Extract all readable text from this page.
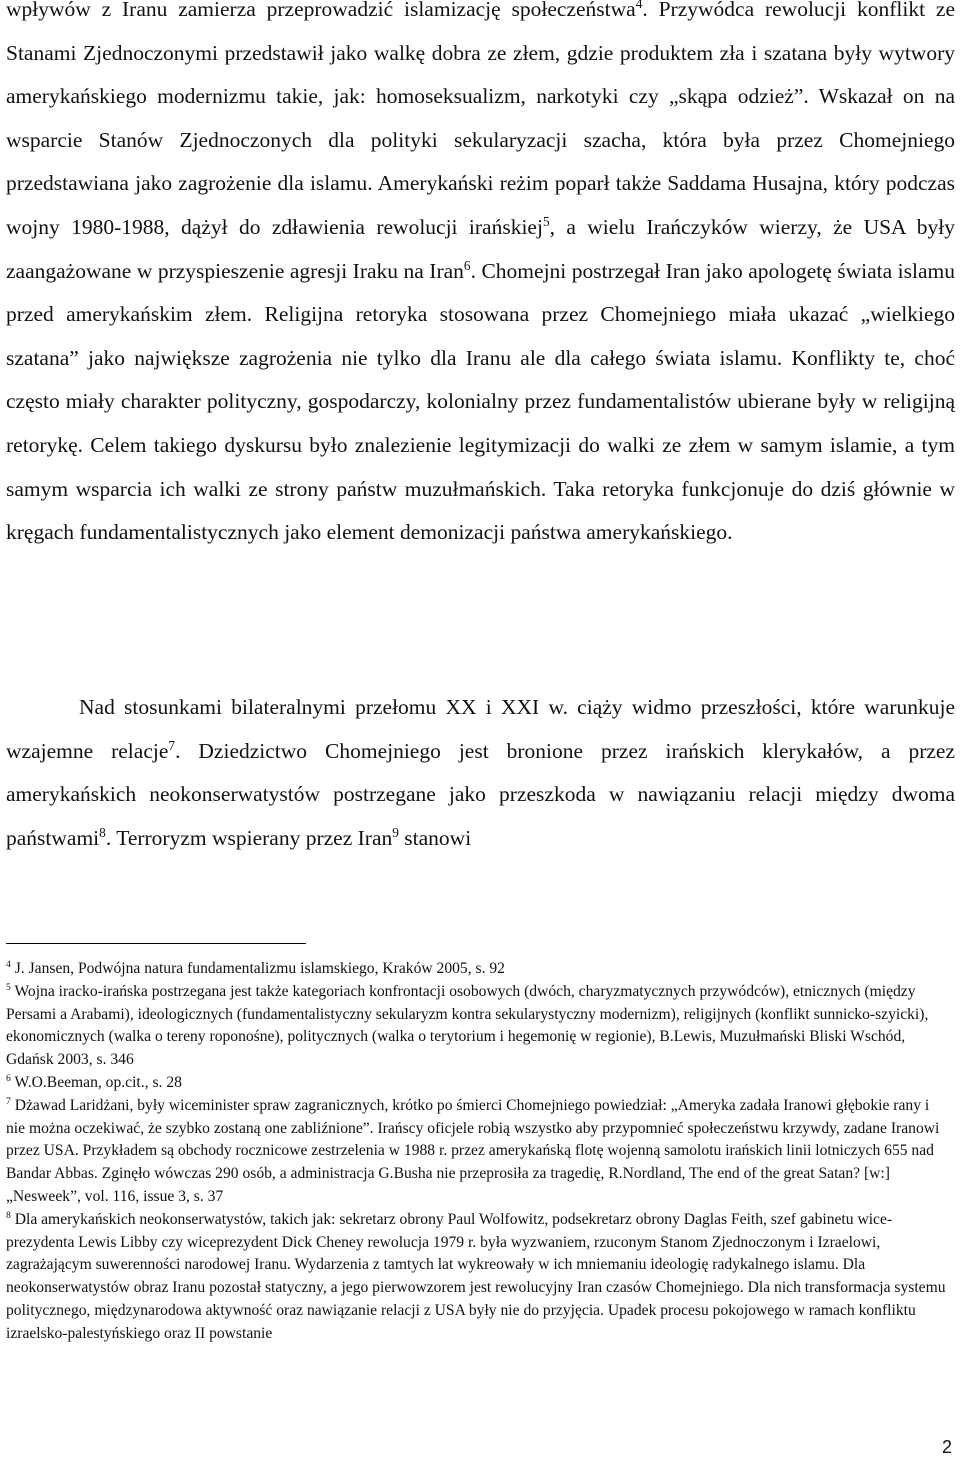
wpływów z Iranu zamierza przeprowadzić islamizację społeczeństwa$^4$. Przywódca rewolucji konflikt ze Stanami Zjednoczonymi przedstawił jako walkę dobra ze złem, gdzie produktem zła i szatana były wytwory amerykańskiego modernizmu takie, jak: homoseksualizm, narkotyki czy „skąpa odzież”. Wskazał on na wsparcie Stanów Zjednoczonych dla polityki sekularyzacji szacha, która była przez Chomejniego przedstawiana jako zagrożenie dla islamu. Amerykański reżim poparł także Saddama Husajna, który podczas wojny 1980-1988, dążył do zdławienia rewolucji irańskiej$^5$, a wielu Irańczyków wierzy, że USA były zaangażowane w przyspieszenie agresji Iraku na Iran$^6$. Chomejni postrzegał Iran jako apologetę świata islamu przed amerykańskim złem. Religijna retoryka stosowana przez Chomejniego miała ukazać „wielkiego szatana” jako największe zagrożenia nie tylko dla Iranu ale dla całego świata islamu. Konflikty te, choć często miały charakter polityczny, gospodarczy, kolonialny przez fundamentalistów ubierane były w religijną retorykę. Celem takiego dyskursu było znalezienie legitymizacji do walki ze złem w samym islamie, a tym samym wsparcia ich walki ze strony państw muzułmańskich. Taka retoryka funkcjonuje do dziś głównie w kręgach fundamentalistycznych jako element demonizacji państwa amerykańskiego.

Nad stosunkami bilateralnymi przełomu XX i XXI w. ciąży widmo przeszłości, które warunkuje wzajemne relacje$^7$. Dziedzictwo Chomejniego jest bronione przez irańskich klerykałów, a przez amerykańskich neokonserwatystów postrzegane jako przeszkoda w nawiązaniu relacji między dwoma państwami$^8$. Terroryzm wspierany przez Iran$^9$ stanowi

$^4$ J. Jansen, Podwójna natura fundamentalizmu islamskiego, Kraków 2005, s. 92

$^5$ Wojna iracko-irańska postrzegana jest także kategoriach konfrontacji osobowych (dwóch, charyzmatycznych przywódców), etnicznych (między Persami a Arabami), ideologicznych (fundamentalistyczny sekularyzm kontra sekularystyczny modernizm), religijnych (konflikt sunnicko-szyicki), ekonomicznych (walka o tereny roponośne), politycznych (walka o terytorium i hegemonię w regionie), B.Lewis, Muzułmański Bliski Wschód, Gdańsk 2003, s. 346

$^6$ W.O.Beeman, op.cit., s. 28

$^7$ Dżawad Laridżani, były wiceminister spraw zagranicznych, krótko po śmierci Chomejniego powiedział: „Ameryka zadała Iranowi głębokie rany i nie można oczekiwać, że szybko zostaną one zabliźnione”. Irańscy oficjele robią wszystko aby przypomnieć społeczeństwu krzywdy, zadane Iranowi przez USA. Przykładem są obchody rocznicowe zestrzelenia w 1988 r. przez amerykańską flotę wojenną samolotu irańskich linii lotniczych 655 nad Bandar Abbas. Zginęło wówczas 290 osób, a administracja G.Busha nie przeprosiła za tragedię, R.Nordland, The end of the great Satan? [w:] „Nesweek”, vol. 116, issue 3, s. 37

$^8$ Dla amerykańskich neokonserwatystów, takich jak: sekretarz obrony Paul Wolfowitz, podsekretarz obrony Daglas Feith, szef gabinetu wice-prezydenta Lewis Libby czy wiceprezydent Dick Cheney rewolucja 1979 r. była wyzwaniem, rzuconym Stanom Zjednoczonym i Izraelowi, zagrażającym suwerenności narodowej Iranu. Wydarzenia z tamtych lat wykreowały w ich mniemaniu ideologię radykalnego islamu. Dla neokonserwatystów obraz Iranu pozostał statyczny, a jego pierwowzorem jest rewolucyjny Iran czasów Chomejniego. Dla nich transformacja systemu politycznego, międzynarodowa aktywność oraz nawiązanie relacji z USA były nie do przyjęcia. Upadek procesu pokojowego w ramach konfliktu izraelsko-palestyńskiego oraz II powstanie

2
